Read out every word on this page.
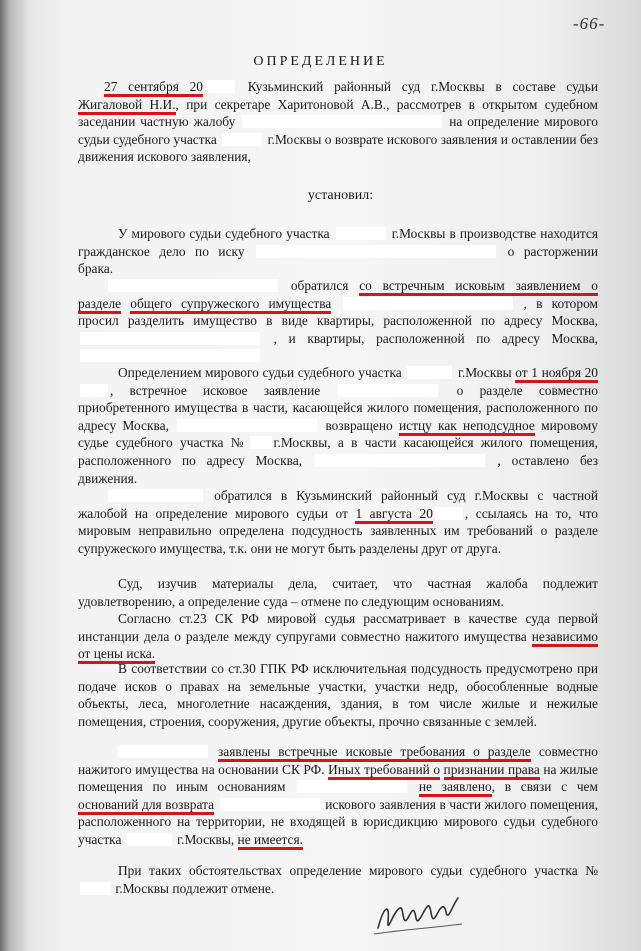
-66-
ОПРЕДЕЛЕНИЕ

27 сентября 20	Кузьминский районный суд г.Москвы в составе судьи Жигаловой Н.И., при секретаре Харитоновой А.В., рассмотрев в открытом судебном заседании частную жалобу	на определение мирового судьи судебного участка	г.Москвы о возврате искового заявления и оставлении без движения искового заявления,

установил:

У мирового судьи судебного участка	г.Москвы в производстве находится гражданское дело по иску	о расторжении брака.

обратился со встречным исковым заявлением о разделе общего супружеского имущества	, в котором просил разделить имущество в виде квартиры, расположенной по адресу Москва,  , и квартиры, расположенной по адресу Москва,

Определением мирового судьи судебного участка	г.Москвы от 1 ноября 20, встречное исковое заявление	о разделе совместно приобретенного имущества в части, касающейся жилого помещения, расположенного по адресу Москва,	возвращено истцу как неподсудное мировому судье судебного участка № г.Москвы, а в части касающейся жилого помещения, расположенного по адресу Москва,	, оставлено без движения.

обратился в Кузьминский районный суд г.Москвы с частной жалобой на определение мирового судьи от 1 августа 20 , ссылаясь на то, что мировым неправильно определена подсудность заявленных им требований о разделе супружеского имущества, т.к. они не могут быть разделены друг от друга.

Суд, изучив материалы дела, считает, что частная жалоба подлежит удовлетворению, а определение суда – отмене по следующим основаниям.

Согласно ст.23 СК РФ мировой судья рассматривает в качестве суда первой инстанции дела о разделе между супругами совместно нажитого имущества независимо от цены иска.

В соответствии со ст.30 ГПК РФ исключительная подсудность предусмотрено при подаче исков о правах на земельные участки, участки недр, обособленные водные объекты, леса, многолетние насаждения, здания, в том числе жилые и нежилые помещения, строения, сооружения, другие объекты, прочно связанные с землей.

заявлены встречные исковые требования о разделе совместно нажитого имущества на основании СК РФ. Иных требований о признании права на жилые помещения по иным основаниям	не заявлено, в связи с чем оснований для возврата	искового заявления в части жилого помещения, расположенного на территории, не входящей в юрисдикцию мирового судьи судебного участка	г.Москвы, не имеется.

При таких обстоятельствах определение мирового судьи судебного участка №  г.Москвы подлежит отмене.
